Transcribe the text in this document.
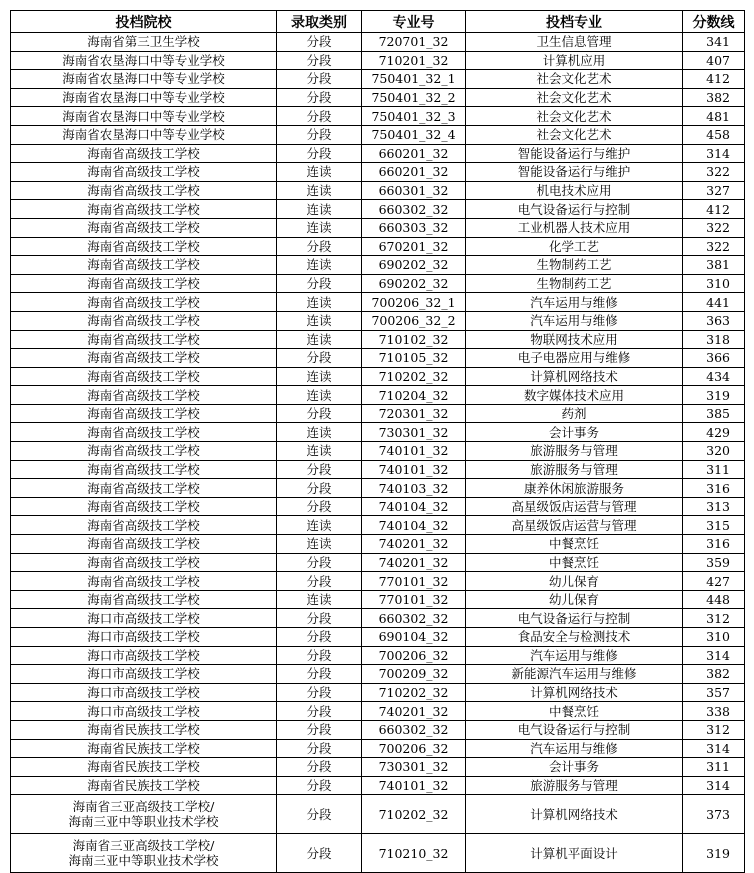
投档院校	录取类别	专业号	投档专业	分数线
海南省第三卫生学校	分段	720701_32	卫生信息管理	341
海南省农垦海口中等专业学校	分段	710201_32	计算机应用	407
海南省农垦海口中等专业学校	分段	750401_32_1	社会文化艺术	412
海南省农垦海口中等专业学校	分段	750401_32_2	社会文化艺术	382
海南省农垦海口中等专业学校	分段	750401_32_3	社会文化艺术	481
海南省农垦海口中等专业学校	分段	750401_32_4	社会文化艺术	458
海南省高级技工学校	分段	660201_32	智能设备运行与维护	314
海南省高级技工学校	连读	660201_32	智能设备运行与维护	322
海南省高级技工学校	连读	660301_32	机电技术应用	327
海南省高级技工学校	连读	660302_32	电气设备运行与控制	412
海南省高级技工学校	连读	660303_32	工业机器人技术应用	322
海南省高级技工学校	分段	670201_32	化学工艺	322
海南省高级技工学校	连读	690202_32	生物制药工艺	381
海南省高级技工学校	分段	690202_32	生物制药工艺	310
海南省高级技工学校	连读	700206_32_1	汽车运用与维修	441
海南省高级技工学校	连读	700206_32_2	汽车运用与维修	363
海南省高级技工学校	连读	710102_32	物联网技术应用	318
海南省高级技工学校	分段	710105_32	电子电器应用与维修	366
海南省高级技工学校	连读	710202_32	计算机网络技术	434
海南省高级技工学校	连读	710204_32	数字媒体技术应用	319
海南省高级技工学校	分段	720301_32	药剂	385
海南省高级技工学校	连读	730301_32	会计事务	429
海南省高级技工学校	连读	740101_32	旅游服务与管理	320
海南省高级技工学校	分段	740101_32	旅游服务与管理	311
海南省高级技工学校	分段	740103_32	康养休闲旅游服务	316
海南省高级技工学校	分段	740104_32	高星级饭店运营与管理	313
海南省高级技工学校	连读	740104_32	高星级饭店运营与管理	315
海南省高级技工学校	连读	740201_32	中餐烹饪	316
海南省高级技工学校	分段	740201_32	中餐烹饪	359
海南省高级技工学校	分段	770101_32	幼儿保育	427
海南省高级技工学校	连读	770101_32	幼儿保育	448
海口市高级技工学校	分段	660302_32	电气设备运行与控制	312
海口市高级技工学校	分段	690104_32	食品安全与检测技术	310
海口市高级技工学校	分段	700206_32	汽车运用与维修	314
海口市高级技工学校	分段	700209_32	新能源汽车运用与维修	382
海口市高级技工学校	分段	710202_32	计算机网络技术	357
海口市高级技工学校	分段	740201_32	中餐烹饪	338
海南省民族技工学校	分段	660302_32	电气设备运行与控制	312
海南省民族技工学校	分段	700206_32	汽车运用与维修	314
海南省民族技工学校	分段	730301_32	会计事务	311
海南省民族技工学校	分段	740101_32	旅游服务与管理	314
海南省三亚高级技工学校/
海南三亚中等职业技术学校	分段	710202_32	计算机网络技术	373
海南省三亚高级技工学校/
海南三亚中等职业技术学校	分段	710210_32	计算机平面设计	319
